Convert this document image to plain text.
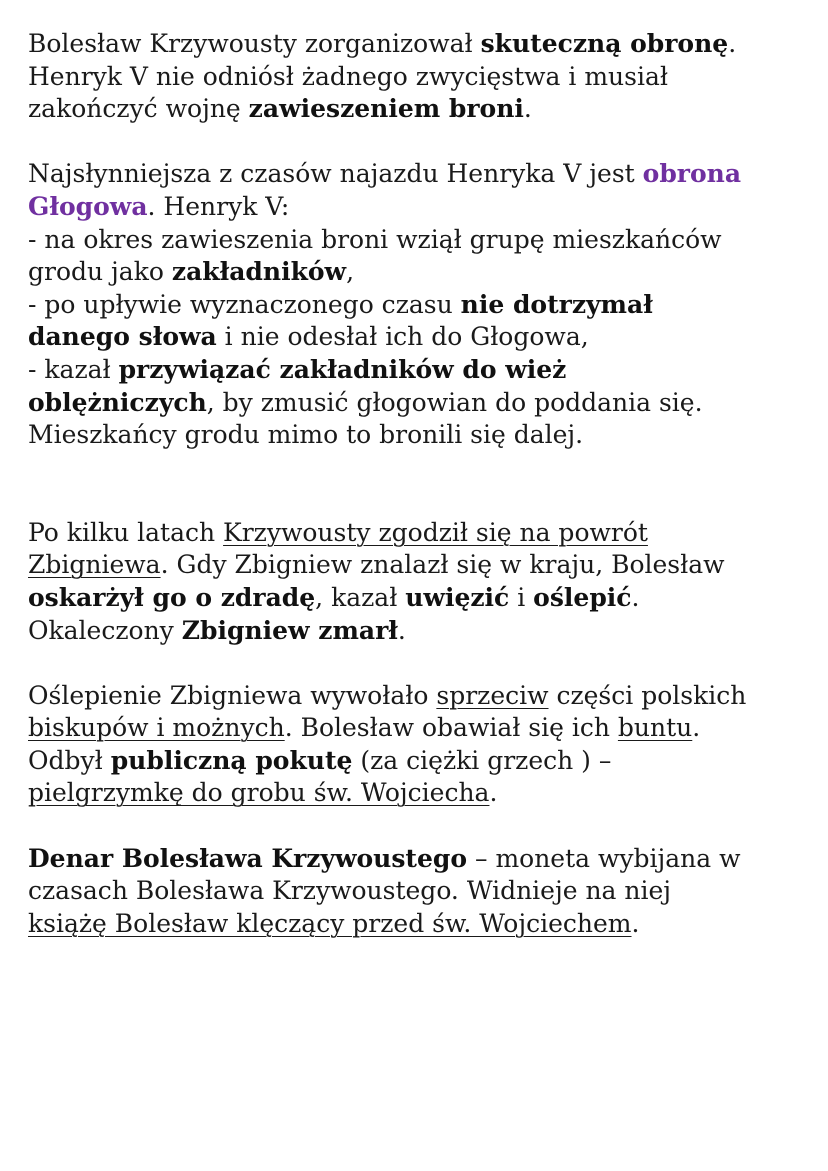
Bolesław Krzywousty zorganizował skuteczną obronę.
Henryk V nie odniósł żadnego zwycięstwa i musiał
zakończyć wojnę zawieszeniem broni.
Najsłynniejsza z czasów najazdu Henryka V jest obrona
Głogowa. Henryk V:
- na okres zawieszenia broni wziął grupę mieszkańców
grodu jako zakładników,
- po upływie wyznaczonego czasu nie dotrzymał
danego słowa i nie odesłał ich do Głogowa,
- kazał przywiązać zakładników do wież
oblężniczych, by zmusić głogowian do poddania się.
Mieszkańcy grodu mimo to bronili się dalej.
Po kilku latach Krzywousty zgodził się na powrót
Zbigniewa. Gdy Zbigniew znalazł się w kraju, Bolesław
oskarżył go o zdradę, kazał uwięzić i oślepić.
Okaleczony Zbigniew zmarł.
Oślepienie Zbigniewa wywołało sprzeciw części polskich
biskupów i możnych. Bolesław obawiał się ich buntu.
Odbył publiczną pokutę (za ciężki grzech ) –
pielgrzymkę do grobu św. Wojciecha.
Denar Bolesława Krzywoustego – moneta wybijana w
czasach Bolesława Krzywoustego. Widnieje na niej
książę Bolesław klęczący przed św. Wojciechem.
